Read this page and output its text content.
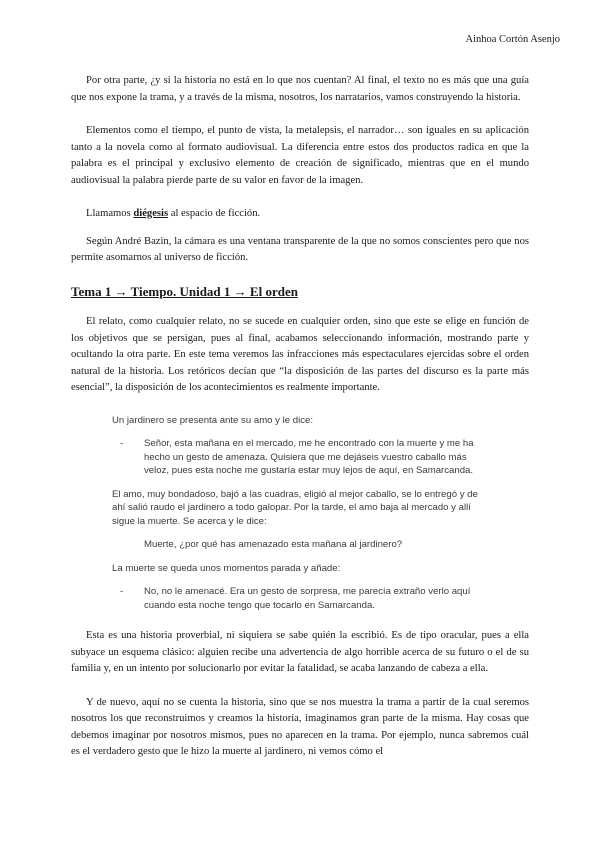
Ainhoa Cortón Asenjo

Por otra parte, ¿y si la historia no está en lo que nos cuentan? Al final, el texto no es más que una guía que nos expone la trama, y a través de la misma, nosotros, los narratarios, vamos construyendo la historia.

Elementos como el tiempo, el punto de vista, la metalepsis, el narrador… son iguales en su aplicación tanto a la novela como al formato audiovisual. La diferencia entre estos dos productos radica en que la palabra es el principal y exclusivo elemento de creación de significado, mientras que en el mundo audiovisual la palabra pierde parte de su valor en favor de la imagen.

Llamamos diégesis al espacio de ficción.

Según André Bazin, la cámara es una ventana transparente de la que no somos conscientes pero que nos permite asomarnos al universo de ficción.

Tema 1 → Tiempo. Unidad 1 → El orden

El relato, como cualquier relato, no se sucede en cualquier orden, sino que este se elige en función de los objetivos que se persigan, pues al final, acabamos seleccionando información, mostrando parte y ocultando la otra parte. En este tema veremos las infracciones más espectaculares ejercidas sobre el orden natural de la historia. Los retóricos decían que “la disposición de las partes del discurso es la parte más esencial”, la disposición de los acontecimientos es realmente importante.

Un jardinero se presenta ante su amo y le dice:
-	Señor, esta mañana en el mercado, me he encontrado con la muerte y me ha hecho un gesto de amenaza. Quisiera que me dejáseis vuestro caballo más veloz, pues esta noche me gustaría estar muy lejos de aquí, en Samarcanda.
El amo, muy bondadoso, bajó a las cuadras, eligió al mejor caballo, se lo entregó y de ahí salió raudo el jardinero a todo galopar. Por la tarde, el amo baja al mercado y allí sigue la muerte. Se acerca y le dice:
Muerte, ¿por qué has amenazado esta mañana al jardinero?
La muerte se queda unos momentos parada y añade:
-	No, no le amenacé. Era un gesto de sorpresa, me parecía extraño verlo aquí cuando esta noche tengo que tocarlo en Samarcanda.

Esta es una historia proverbial, ni siquiera se sabe quién la escribió. Es de tipo oracular, pues a ella subyace un esquema clásico: alguien recibe una advertencia de algo horrible acerca de su futuro o el de su familia y, en un intento por solucionarlo por evitar la fatalidad, se acaba lanzando de cabeza a ella.

Y de nuevo, aquí no se cuenta la historia, sino que se nos muestra la trama a partir de la cual seremos nosotros los que reconstruimos y creamos la historia, imaginamos gran parte de la misma. Hay cosas que debemos imaginar por nosotros mismos, pues no aparecen en la trama. Por ejemplo, nunca sabremos cuál es el verdadero gesto que le hizo la muerte al jardinero, ni vemos cómo el
